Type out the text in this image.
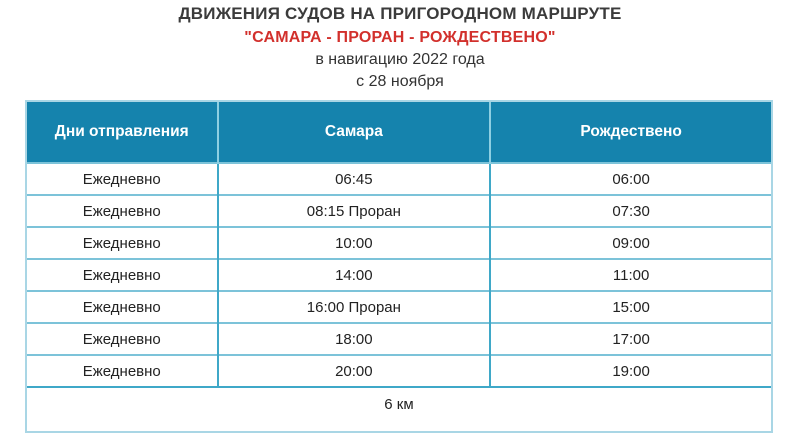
ДВИЖЕНИЯ СУДОВ НА ПРИГОРОДНОМ МАРШРУТЕ
"САМАРА - ПРОРАН - РОЖДЕСТВЕНО"
в навигацию 2022 года
с 28 ноября
Дни отправления	Самара	Рождествено
Ежедневно	06:45	06:00
Ежедневно	08:15 Проран	07:30
Ежедневно	10:00	09:00
Ежедневно	14:00	11:00
Ежедневно	16:00 Проран	15:00
Ежедневно	18:00	17:00
Ежедневно	20:00	19:00
6 км		
